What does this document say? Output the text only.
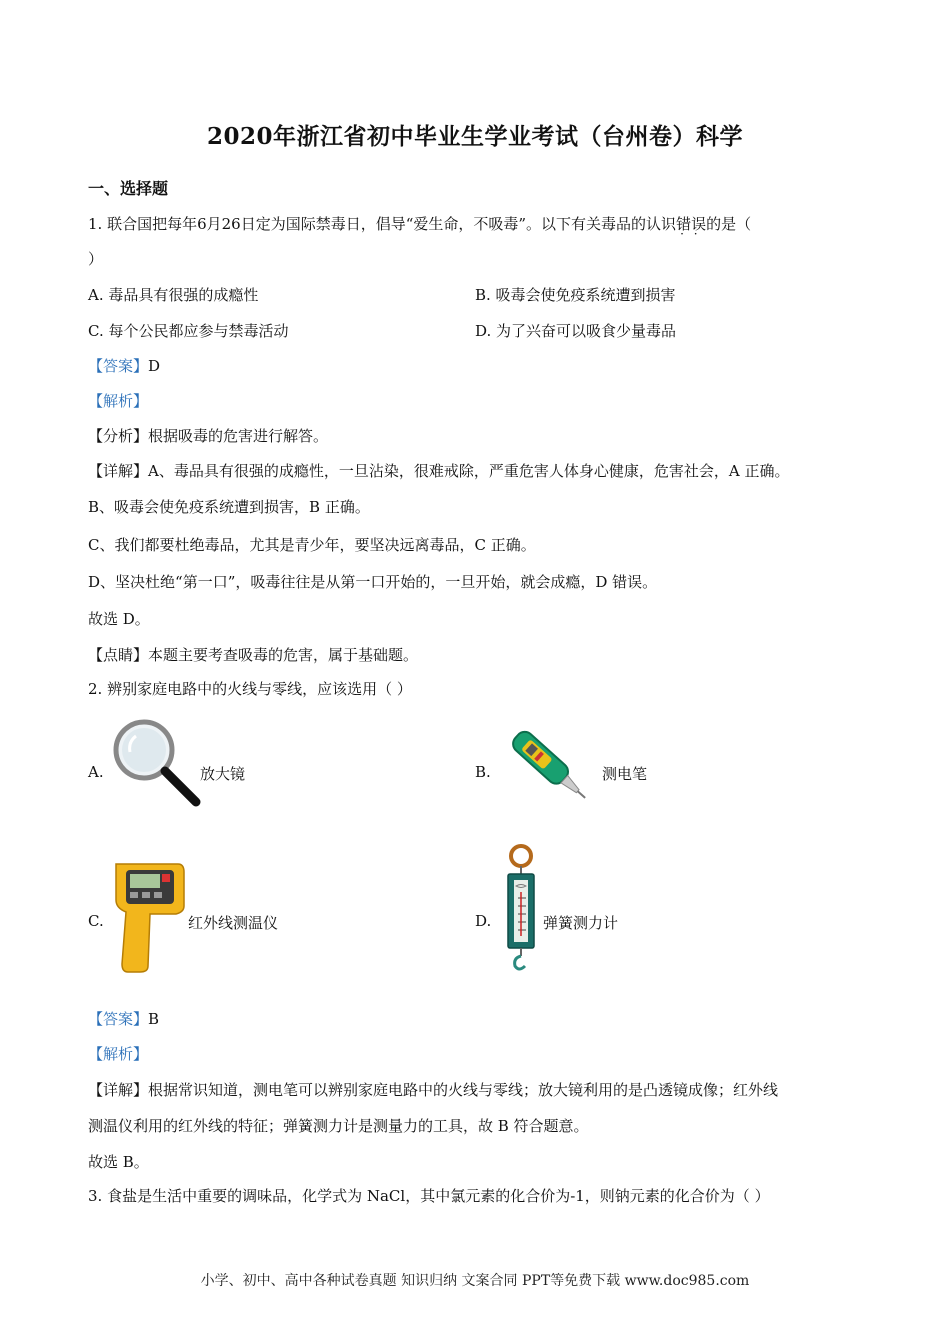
2020年浙江省初中毕业生学业考试（台州卷）科学
一、选择题
1. 联合国把每年6月26日定为国际禁毒日，倡导“爱生命，不吸毒”。以下有关毒品的认识错误 · ·的是（
）
A. 毒品具有很强的成瘾性	B. 吸毒会使免疫系统遭到损害
C. 每个公民都应参与禁毒活动	D. 为了兴奋可以吸食少量毒品
【答案】D
【解析】
【分析】根据吸毒的危害进行解答。
【详解】A、毒品具有很强的成瘾性，一旦沾染，很难戒除，严重危害人体身心健康，危害社会，A 正确。
B、吸毒会使免疫系统遭到损害，B 正确。
C、我们都要杜绝毒品，尤其是青少年，要坚决远离毒品，C 正确。
D、坚决杜绝“第一口”，吸毒往往是从第一口开始的，一旦开始，就会成瘾，D 错误。
故选 D。
【点睛】本题主要考查吸毒的危害，属于基础题。
2. 辨别家庭电路中的火线与零线，应该选用（ ）
A.	放大镜	B.	测电笔
C.	红外线测温仪	D.	弹簧测力计
【答案】B
【解析】
【详解】根据常识知道，测电笔可以辨别家庭电路中的火线与零线；放大镜利用的是凸透镜成像；红外线
测温仪利用的红外线的特征；弹簧测力计是测量力的工具，故 B 符合题意。
故选 B。
3. 食盐是生活中重要的调味品，化学式为 NaCl，其中氯元素的化合价为-1，则钠元素的化合价为（ ）
小学、初中、高中各种试卷真题 知识归纳 文案合同 PPT等免费下载 www.doc985.com
